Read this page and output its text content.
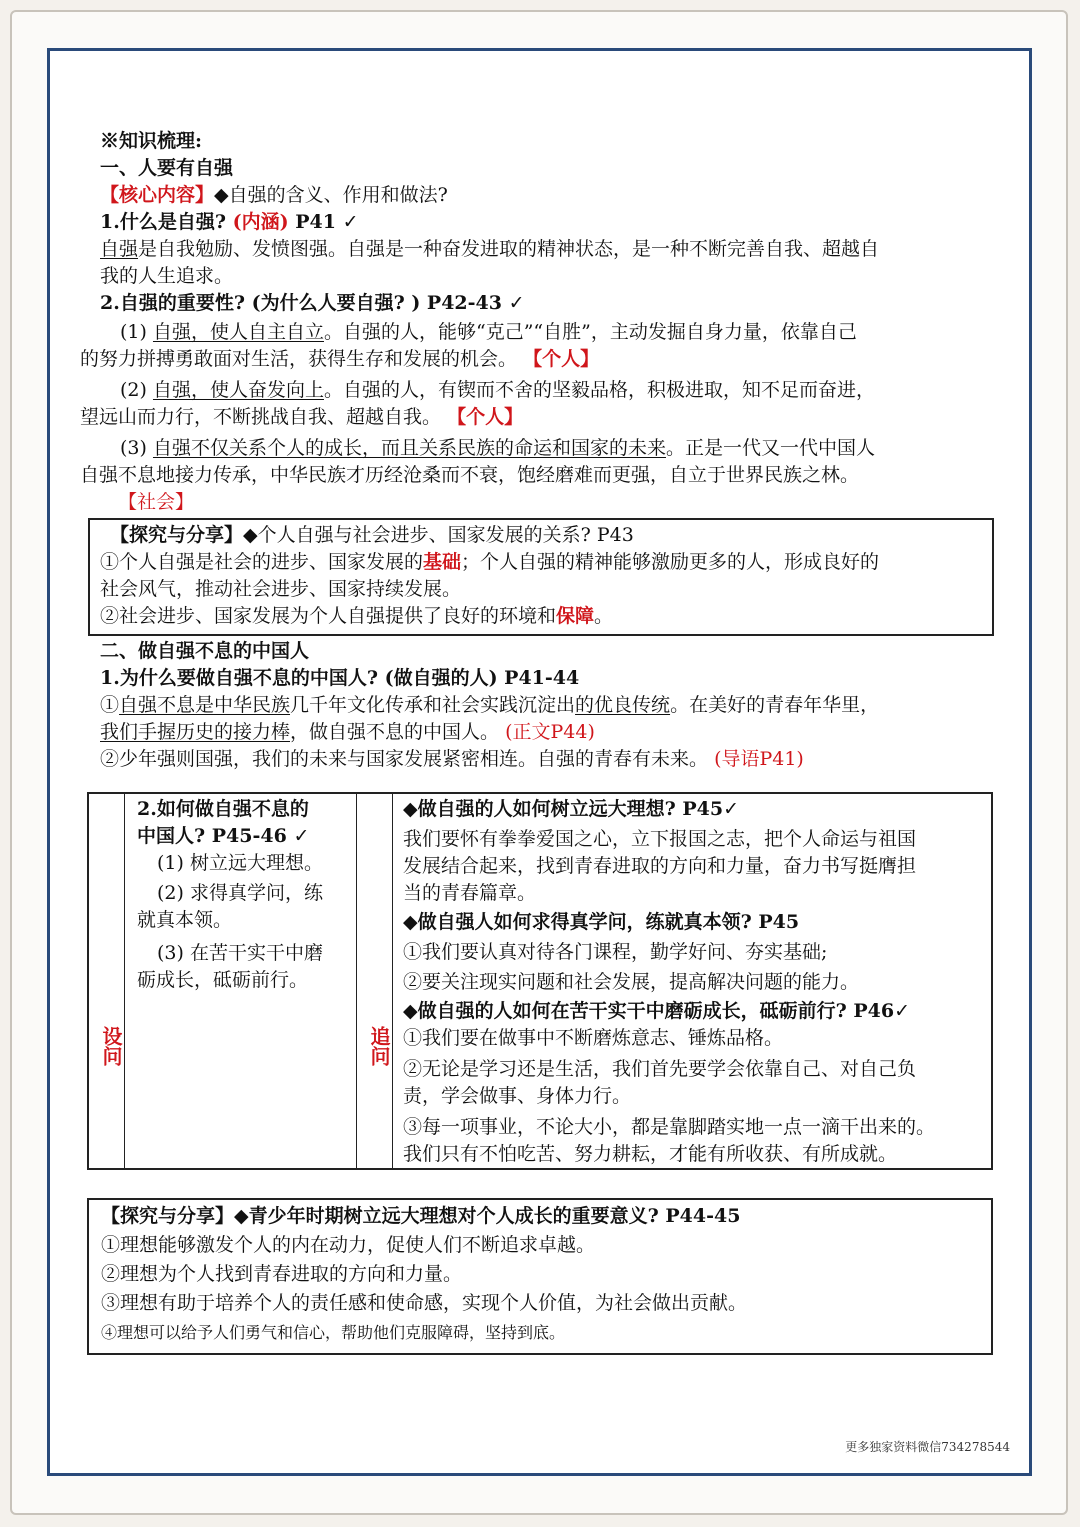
※知识梳理:

一、人要有自强

【核心内容】◆自强的含义、作用和做法?

1.什么是自强? (内涵) P41 ✓

自强是自我勉励、发愤图强。自强是一种奋发进取的精神状态，是一种不断完善自我、超越自
我的人生追求。

2.自强的重要性? (为什么人要自强? ) P42-43 ✓

(1) 自强，使人自主自立。自强的人，能够“克己”“自胜”，主动发掘自身力量，依靠自己
的努力拼搏勇敢面对生活，获得生存和发展的机会。 【个人】

(2) 自强，使人奋发向上。自强的人，有锲而不舍的坚毅品格，积极进取，知不足而奋进，
望远山而力行，不断挑战自我、超越自我。 【个人】

(3) 自强不仅关系个人的成长，而且关系民族的命运和国家的未来。正是一代又一代中国人
自强不息地接力传承，中华民族才历经沧桑而不衰，饱经磨难而更强，自立于世界民族之林。

【社会】

【探究与分享】◆个人自强与社会进步、国家发展的关系? P43

①个人自强是社会的进步、国家发展的基础；个人自强的精神能够激励更多的人，形成良好的
社会风气，推动社会进步、国家持续发展。

②社会进步、国家发展为个人自强提供了良好的环境和保障。

二、做自强不息的中国人

1.为什么要做自强不息的中国人? (做自强的人) P41-44

①自强不息是中华民族几千年文化传承和社会实践沉淀出的优良传统。在美好的青春年华里，
我们手握历史的接力棒，做自强不息的中国人。 (正文P44)

②少年强则国强，我们的未来与国家发展紧密相连。自强的青春有未来。 (导语P41)

设问

2.如何做自强不息的

中国人? P45-46 ✓

(1) 树立远大理想。

(2) 求得真学问，练

就真本领。

(3) 在苦干实干中磨

砺成长，砥砺前行。

追问

◆做自强的人如何树立远大理想? P45✓

我们要怀有拳拳爱国之心，立下报国之志，把个人命运与祖国

发展结合起来，找到青春进取的方向和力量，奋力书写挺膺担

当的青春篇章。

◆做自强人如何求得真学问，练就真本领? P45

①我们要认真对待各门课程，勤学好问、夯实基础;

②要关注现实问题和社会发展，提高解决问题的能力。

◆做自强的人如何在苦干实干中磨砺成长，砥砺前行? P46✓

①我们要在做事中不断磨炼意志、锤炼品格。

②无论是学习还是生活，我们首先要学会依靠自己、对自己负

责，学会做事、身体力行。

③每一项事业，不论大小，都是靠脚踏实地一点一滴干出来的。

我们只有不怕吃苦、努力耕耘，才能有所收获、有所成就。

【探究与分享】◆青少年时期树立远大理想对个人成长的重要意义? P44-45

①理想能够激发个人的内在动力，促使人们不断追求卓越。

②理想为个人找到青春进取的方向和力量。

③理想有助于培养个人的责任感和使命感，实现个人价值，为社会做出贡献。

④理想可以给予人们勇气和信心，帮助他们克服障碍，坚持到底。

更多独家资料微信734278544
